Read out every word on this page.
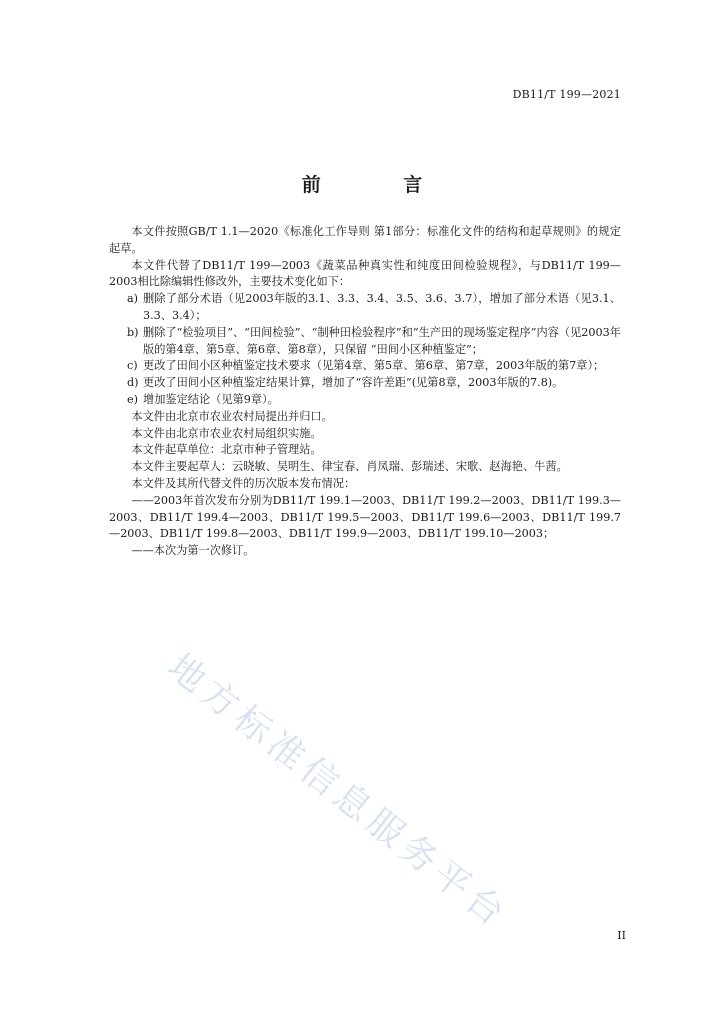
DB11/T 199—2021
前 言

本文件按照GB/T 1.1—2020《标准化工作导则 第1部分：标准化文件的结构和起草规则》的规定起草。

本文件代替了DB11/T 199—2003《蔬菜品种真实性和纯度田间检验规程》，与DB11/T 199—2003相比除编辑性修改外，主要技术变化如下：

a) 删除了部分术语（见2003年版的3.1、3.3、3.4、3.5、3.6、3.7），增加了部分术语（见3.1、3.3、3.4）；
b) 删除了“检验项目”、“田间检验”、“制种田检验程序”和“生产田的现场鉴定程序”内容（见2003年版的第4章、第5章、第6章、第8章），只保留 “田间小区种植鉴定”；
c) 更改了田间小区种植鉴定技术要求（见第4章、第5章、第6章、第7章，2003年版的第7章）；
d) 更改了田间小区种植鉴定结果计算，增加了“容许差距”(见第8章，2003年版的7.8)。
e) 增加鉴定结论（见第9章）。

本文件由北京市农业农村局提出并归口。

本文件由北京市农业农村局组织实施。

本文件起草单位：北京市种子管理站。

本文件主要起草人：云晓敏、吴明生、律宝春、肖凤瑞、彭瑞述、宋歌、赵海艳、牛茜。

本文件及其所代替文件的历次版本发布情况：

——2003年首次发布分别为DB11/T 199.1—2003、DB11/T 199.2—2003、DB11/T 199.3—2003、DB11/T 199.4—2003、DB11/T 199.5—2003、DB11/T 199.6—2003、DB11/T 199.7—2003、DB11/T 199.8—2003、DB11/T 199.9—2003、DB11/T 199.10—2003；

——本次为第一次修订。

地方标准信息服务平台	II
